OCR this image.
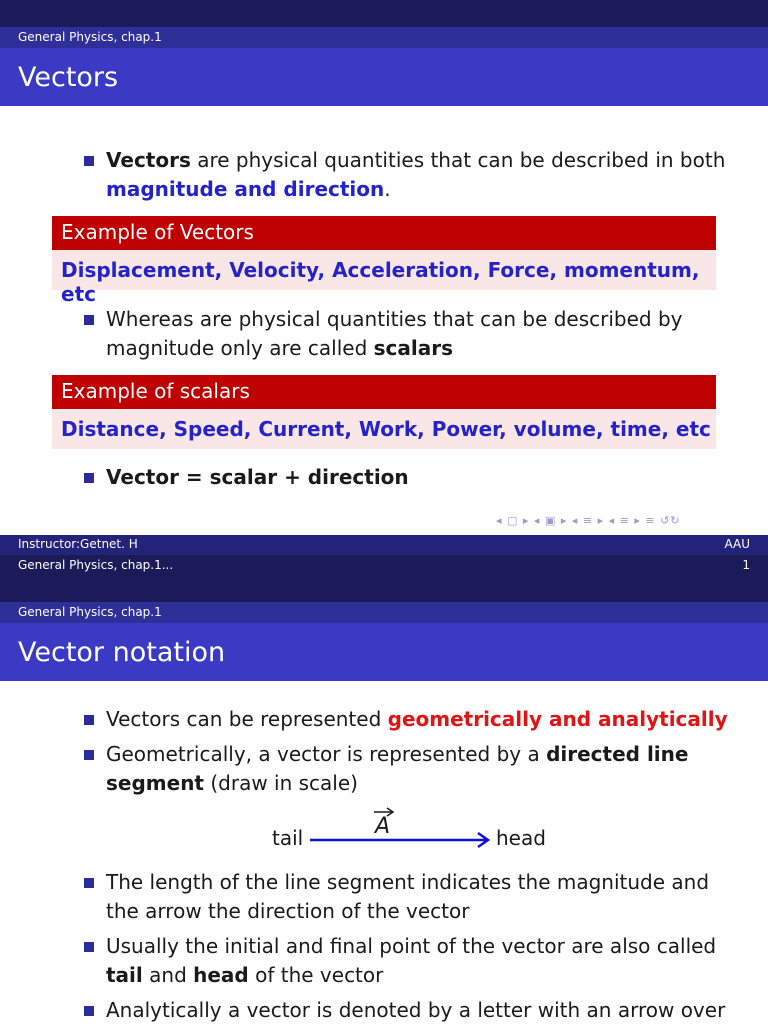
General Physics, chap.1
Vectors
Vectors are physical quantities that can be described in both magnitude and direction.
Example of Vectors
Displacement, Velocity, Acceleration, Force, momentum, etc
Whereas are physical quantities that can be described by magnitude only are called scalars
Example of scalars
Distance, Speed, Current, Work, Power, volume, time, etc
Vector = scalar + direction
◂ ▢ ▸ ◂ ▣ ▸ ◂ ≡ ▸ ◂ ≡ ▸ ≡ ↺↻
Instructor:Getnet. H	AAU
General Physics, chap.1...	1
General Physics, chap.1
Vector notation
Vectors can be represented geometrically and analytically
Geometrically, a vector is represented by a directed line segment (draw in scale)
tail	head
A
The length of the line segment indicates the magnitude and the arrow the direction of the vector
Usually the initial and final point of the vector are also called tail and head of the vector
Analytically a vector is denoted by a letter with an arrow over
